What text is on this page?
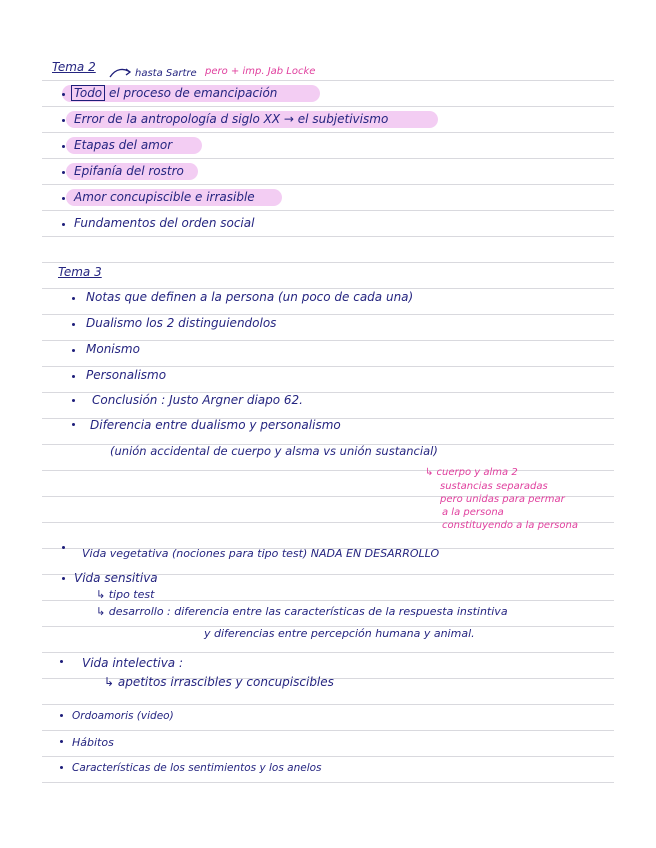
Tema 2	hasta Sartre pero + imp. Jab Locke
Todo el proceso de emancipación
Error de la antropología d siglo XX → el subjetivismo
Etapas del amor
Epifanía del rostro
Amor concupiscible e irrasible
Fundamentos del orden social
Tema 3
Notas que definen a la persona (un poco de cada una)
Dualismo los 2 distinguiendolos
Monismo
Personalismo
Conclusión : Justo Argner diapo 62.
Diferencia entre dualismo y personalismo
(unión accidental de cuerpo y alsma vs unión sustancial)
↳ cuerpo y alma 2
sustancias separadas
pero unidas para permar
a la persona
constituyendo a la persona
Vida vegetativa (nociones para tipo test) NADA EN DESARROLLO
Vida sensitiva
↳ tipo test
↳ desarrollo : diferencia entre las características de la respuesta instintiva
y diferencias entre percepción humana y animal.
Vida intelectiva :
↳ apetitos irrascibles y concupiscibles
Ordoamoris (video)
Hábitos
Características de los sentimientos y los anelos
